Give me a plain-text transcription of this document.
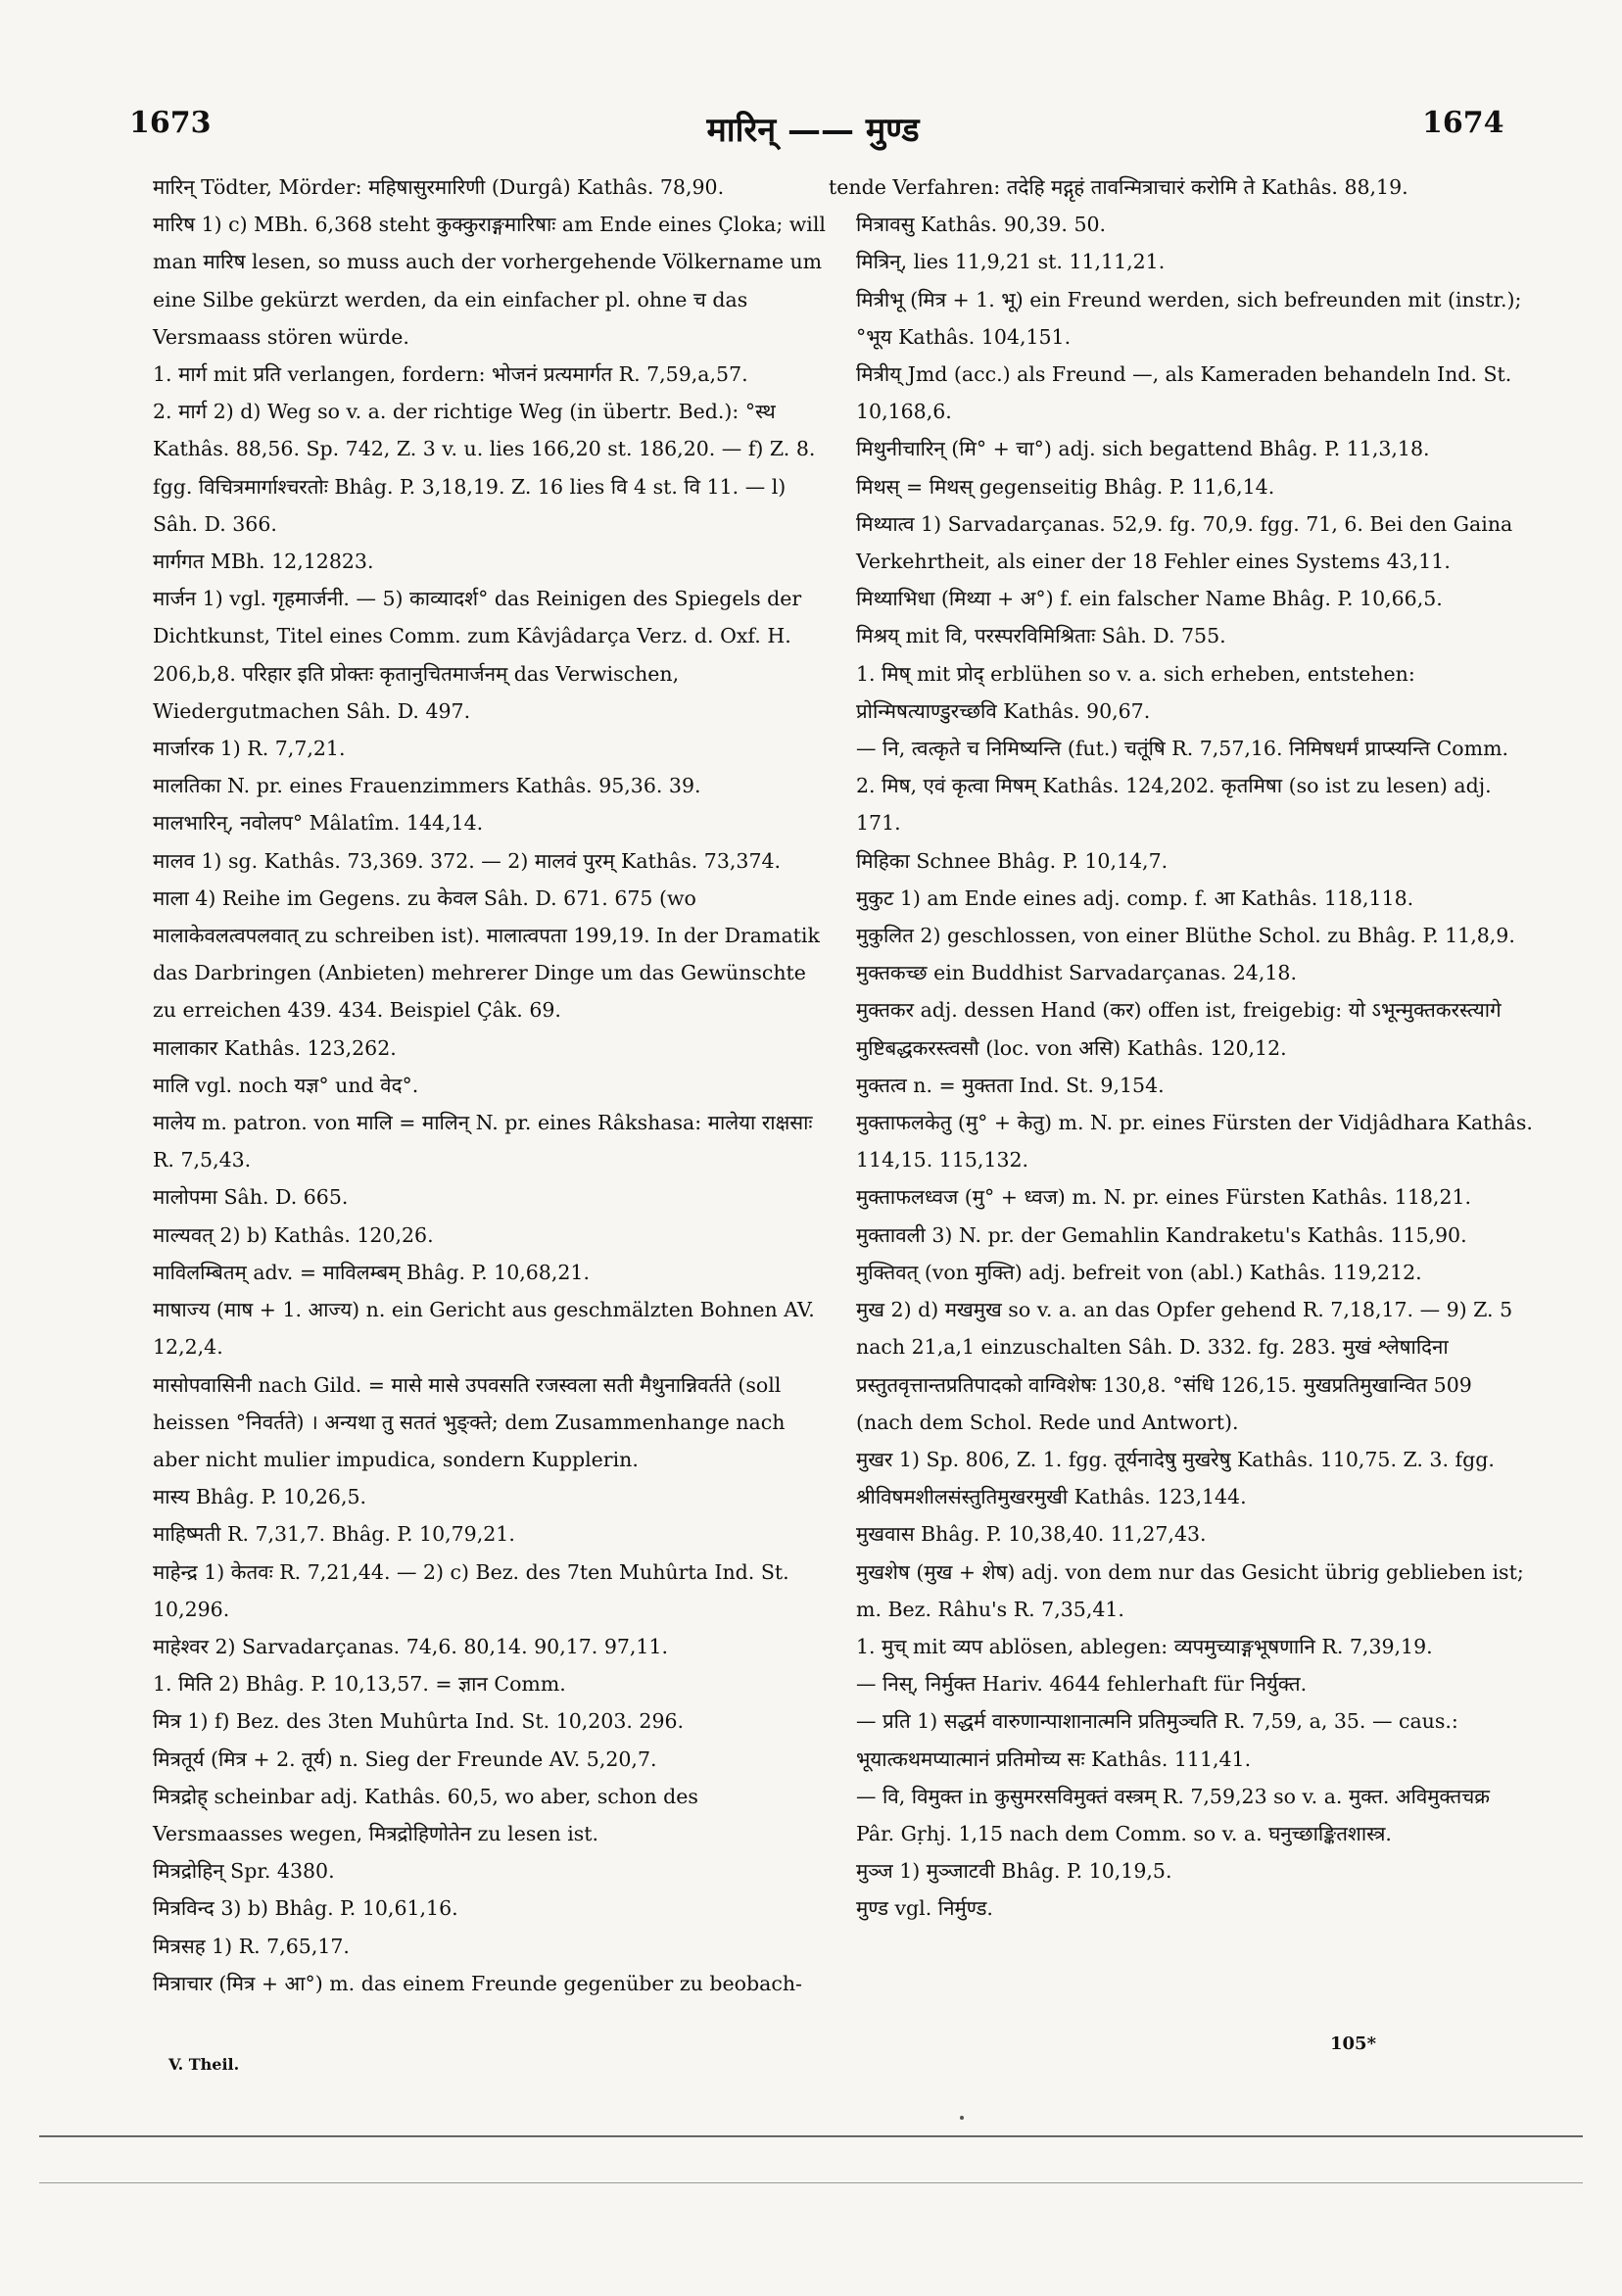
1673	मारिन् —— मुण्ड	1674

मारिन् Tödter, Mörder: महिषासुरमारिणी (Durgâ) Kathâs. 78,90.

मारिष 1) c) MBh. 6,368 steht कुक्कुराङ्गमारिषाः am Ende eines Çloka; will man मारिष lesen, so muss auch der vorhergehende Völkername um eine Silbe gekürzt werden, da ein einfacher pl. ohne च das Versmaass stören würde.

1. मार्ग mit प्रति verlangen, fordern: भोजनं प्रत्यमार्गत R. 7,59,a,57.

2. मार्ग 2) d) Weg so v. a. der richtige Weg (in übertr. Bed.): °स्थ Kathâs. 88,56. Sp. 742, Z. 3 v. u. lies 166,20 st. 186,20. — f) Z. 8. fgg. विचित्रमार्गाश्चरतोः Bhâg. P. 3,18,19. Z. 16 lies वि 4 st. वि 11. — l) Sâh. D. 366.

मार्गगत MBh. 12,12823.

मार्जन 1) vgl. गृहमार्जनी. — 5) काव्यादर्श° das Reinigen des Spiegels der Dichtkunst, Titel eines Comm. zum Kâvjâdarça Verz. d. Oxf. H. 206,b,8. परिहार इति प्रोक्तः कृतानुचितमार्जनम् das Verwischen, Wiedergutmachen Sâh. D. 497.

मार्जारक 1) R. 7,7,21.

मालतिका N. pr. eines Frauenzimmers Kathâs. 95,36. 39.

मालभारिन्, नवोलप° Mâlatîm. 144,14.

मालव 1) sg. Kathâs. 73,369. 372. — 2) मालवं पुरम् Kathâs. 73,374.

माला 4) Reihe im Gegens. zu केवल Sâh. D. 671. 675 (wo मालाकेवलत्वपलवात् zu schreiben ist). मालात्वपता 199,19. In der Dramatik das Darbringen (Anbieten) mehrerer Dinge um das Gewünschte zu erreichen 439. 434. Beispiel Çâk. 69.

मालाकार Kathâs. 123,262.

मालि vgl. noch यज्ञ° und वेद°.

मालेय m. patron. von मालि = मालिन् N. pr. eines Râkshasa: मालेया राक्षसाः R. 7,5,43.

मालोपमा Sâh. D. 665.

माल्यवत् 2) b) Kathâs. 120,26.

माविलम्बितम् adv. = माविलम्बम् Bhâg. P. 10,68,21.

माषाज्य (माष + 1. आज्य) n. ein Gericht aus geschmälzten Bohnen AV. 12,2,4.

मासोपवासिनी nach Gild. = मासे मासे उपवसति रजस्वला सती मैथुनान्निवर्तते (soll heissen °निवर्तते) । अन्यथा तु सततं भुङ्क्ते; dem Zusammenhange nach aber nicht mulier impudica, sondern Kupplerin.

मास्य Bhâg. P. 10,26,5.

माहिष्मती R. 7,31,7. Bhâg. P. 10,79,21.

माहेन्द्र 1) केतवः R. 7,21,44. — 2) c) Bez. des 7ten Muhûrta Ind. St. 10,296.

माहेश्वर 2) Sarvadarçanas. 74,6. 80,14. 90,17. 97,11.

1. मिति 2) Bhâg. P. 10,13,57. = ज्ञान Comm.

मित्र 1) f) Bez. des 3ten Muhûrta Ind. St. 10,203. 296.

मित्रतूर्य (मित्र + 2. तूर्य) n. Sieg der Freunde AV. 5,20,7.

मित्रद्रोह् scheinbar adj. Kathâs. 60,5, wo aber, schon des Versmaasses wegen, मित्रद्रोहिणोतेन zu lesen ist.

मित्रद्रोहिन् Spr. 4380.

मित्रविन्द 3) b) Bhâg. P. 10,61,16.

मित्रसह 1) R. 7,65,17.

मित्राचार (मित्र + आ°) m. das einem Freunde gegenüber zu beobach-

tende Verfahren: तदेहि मद्गृहं तावन्मित्राचारं करोमि ते Kathâs. 88,19.

मित्रावसु Kathâs. 90,39. 50.

मित्रिन्, lies 11,9,21 st. 11,11,21.

मित्रीभू (मित्र + 1. भू) ein Freund werden, sich befreunden mit (instr.); °भूय Kathâs. 104,151.

मित्रीय् Jmd (acc.) als Freund —, als Kameraden behandeln Ind. St. 10,168,6.

मिथुनीचारिन् (मि° + चा°) adj. sich begattend Bhâg. P. 11,3,18.

मिथस् = मिथस् gegenseitig Bhâg. P. 11,6,14.

मिथ्यात्व 1) Sarvadarçanas. 52,9. fg. 70,9. fgg. 71, 6. Bei den Gaina Verkehrtheit, als einer der 18 Fehler eines Systems 43,11.

मिथ्याभिधा (मिथ्या + अ°) f. ein falscher Name Bhâg. P. 10,66,5.

मिश्रय् mit वि, परस्परविमिश्रिताः Sâh. D. 755.

1. मिष् mit प्रोद् erblühen so v. a. sich erheben, entstehen: प्रोन्मिषत्याण्डुरच्छवि Kathâs. 90,67.

— नि, त्वत्कृते च निमिष्यन्ति (fut.) चतूंषि R. 7,57,16. निमिषधर्मं प्राप्स्यन्ति Comm.

2. मिष, एवं कृत्वा मिषम् Kathâs. 124,202. कृतमिषा (so ist zu lesen) adj. 171.

मिहिका Schnee Bhâg. P. 10,14,7.

मुकुट 1) am Ende eines adj. comp. f. आ Kathâs. 118,118.

मुकुलित 2) geschlossen, von einer Blüthe Schol. zu Bhâg. P. 11,8,9.

मुक्तकच्छ ein Buddhist Sarvadarçanas. 24,18.

मुक्तकर adj. dessen Hand (कर) offen ist, freigebig: यो ऽभून्मुक्तकरस्त्यागे मुष्टिबद्धकरस्त्वसौ (loc. von असि) Kathâs. 120,12.

मुक्तत्व n. = मुक्तता Ind. St. 9,154.

मुक्ताफलकेतु (मु° + केतु) m. N. pr. eines Fürsten der Vidjâdhara Kathâs. 114,15. 115,132.

मुक्ताफलध्वज (मु° + ध्वज) m. N. pr. eines Fürsten Kathâs. 118,21.

मुक्तावली 3) N. pr. der Gemahlin Kandraketu's Kathâs. 115,90.

मुक्तिवत् (von मुक्ति) adj. befreit von (abl.) Kathâs. 119,212.

मुख 2) d) मखमुख so v. a. an das Opfer gehend R. 7,18,17. — 9) Z. 5 nach 21,a,1 einzuschalten Sâh. D. 332. fg. 283. मुखं श्लेषादिना प्रस्तुतवृत्तान्तप्रतिपादको वाग्विशेषः 130,8. °संधि 126,15. मुखप्रतिमुखान्वित 509 (nach dem Schol. Rede und Antwort).

मुखर 1) Sp. 806, Z. 1. fgg. तूर्यनादेषु मुखरेषु Kathâs. 110,75. Z. 3. fgg. श्रीविषमशीलसंस्तुतिमुखरमुखी Kathâs. 123,144.

मुखवास Bhâg. P. 10,38,40. 11,27,43.

मुखशेष (मुख + शेष) adj. von dem nur das Gesicht übrig geblieben ist; m. Bez. Râhu's R. 7,35,41.

1. मुच् mit व्यप ablösen, ablegen: व्यपमुच्याङ्गभूषणानि R. 7,39,19.

— निस्, निर्मुक्त Hariv. 4644 fehlerhaft für निर्युक्त.

— प्रति 1) सद्धर्म वारुणान्पाशानात्मनि प्रतिमुञ्चति R. 7,59, a, 35. — caus.: भूयात्कथमप्यात्मानं प्रतिमोच्य सः Kathâs. 111,41.

— वि, विमुक्त in कुसुमरसविमुक्तं वस्त्रम् R. 7,59,23 so v. a. मुक्त. अविमुक्तचक्र Pâr. Gṛhj. 1,15 nach dem Comm. so v. a. घनुच्छाङ्कितशास्त्र.

मुञ्ज 1) मुञ्जाटवी Bhâg. P. 10,19,5.

मुण्ड vgl. निर्मुण्ड.

105*
V. Theil.
